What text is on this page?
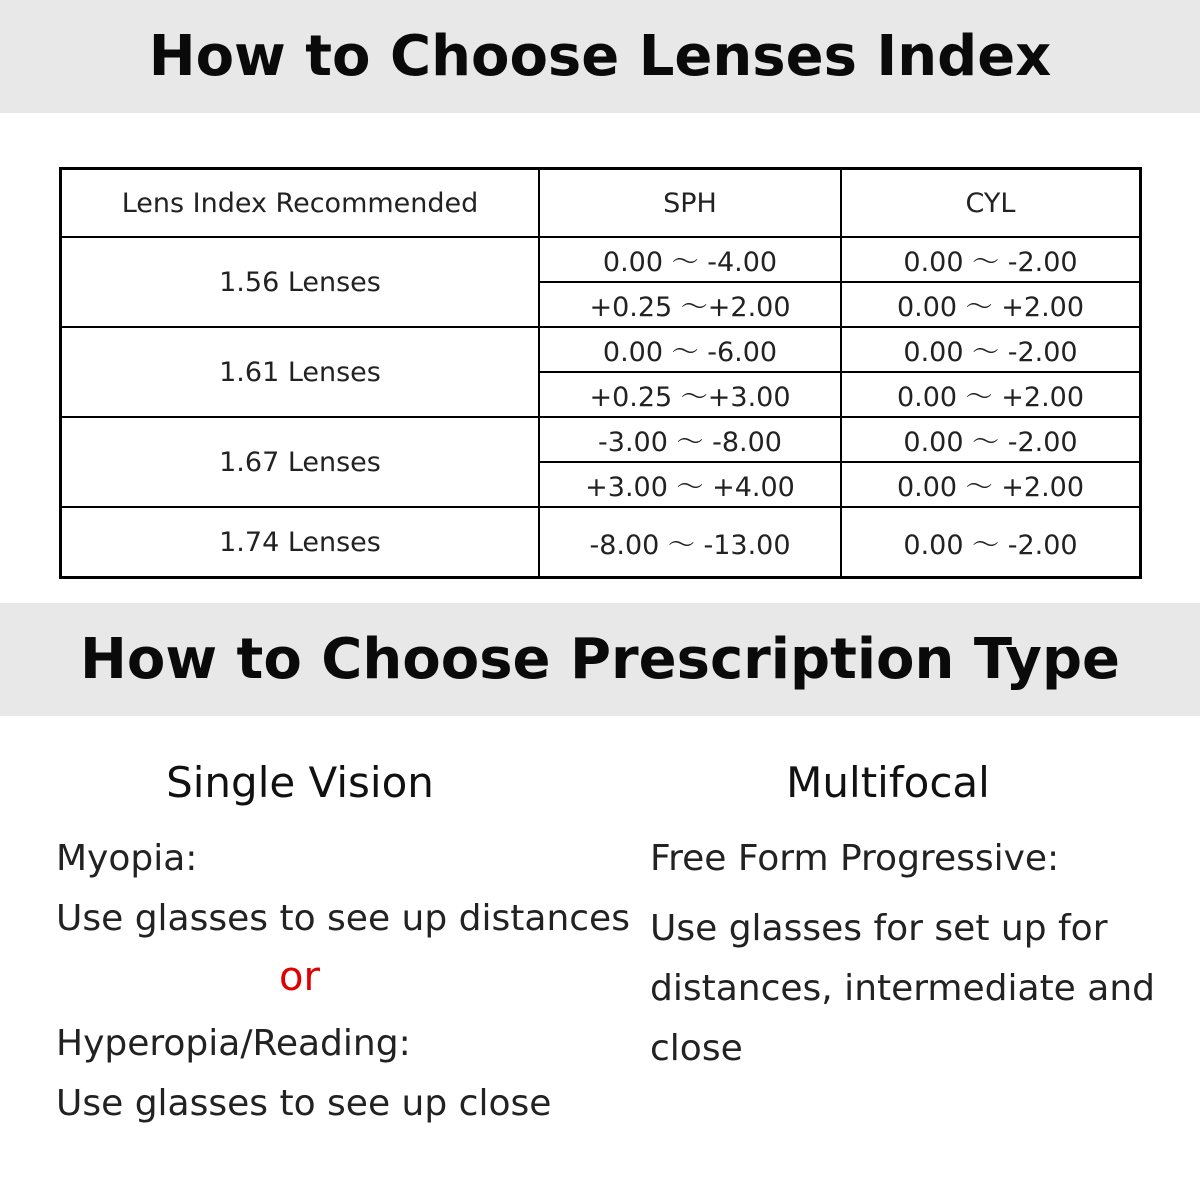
How to Choose Lenses Index
Lens Index Recommended	SPH	CYL
1.56 Lenses	0.00 ～ -4.00	0.00 ～ -2.00
	+0.25 ～+2.00	0.00 ～ +2.00
1.61 Lenses	0.00 ～ -6.00	0.00 ～ -2.00
	+0.25 ～+3.00	0.00 ～ +2.00
1.67 Lenses	-3.00 ～ -8.00	0.00 ～ -2.00
	+3.00 ～ +4.00	0.00 ～ +2.00
1.74 Lenses	-8.00 ～ -13.00	0.00 ～ -2.00
How to Choose Prescription Type
Single Vision
Myopia:
Use glasses to see up distances
or
Hyperopia/Reading:
Use glasses to see up close
Multifocal
Free Form Progressive:
Use glasses for set up for
distances, intermediate and
close
